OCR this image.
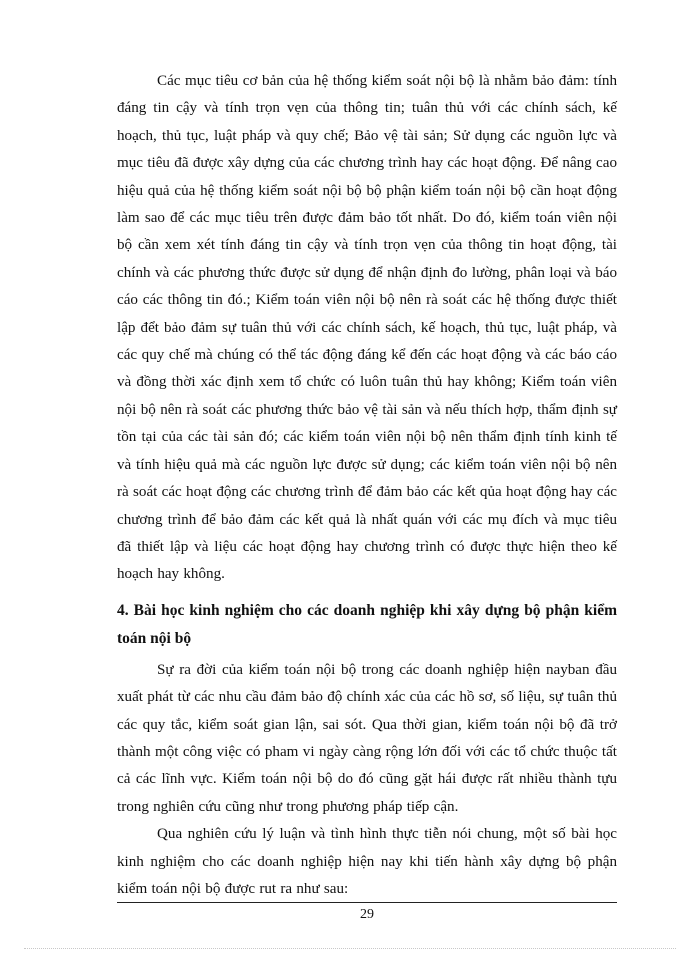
Các mục tiêu cơ bản của hệ thống kiểm soát nội bộ là nhằm bảo đảm: tính đáng tin cậy và tính trọn vẹn của thông tin; tuân thủ với các chính sách, kế hoạch, thủ tục, luật pháp và quy chế; Bảo vệ tài sản; Sử dụng các nguồn lực và mục tiêu đã được xây dựng của các chương trình hay các hoạt động. Để nâng cao hiệu quả của hệ thống kiểm soát nội bộ bộ phận kiểm toán nội bộ cần hoạt động làm sao để các mục tiêu trên được đảm bảo tốt nhất. Do đó, kiểm toán viên nội bộ cần xem xét tính đáng tin cậy và tính trọn vẹn của thông tin hoạt động, tài chính và các phương thức được sử dụng để nhận định đo lường, phân loại và báo cáo các thông tin đó.; Kiểm toán viên nội bộ nên rà soát các hệ thống được thiết lập đểt bảo đảm sự tuân thủ với các chính sách, kế hoạch, thủ tục, luật pháp, và các quy chế mà chúng có thể tác động đáng kể đến các hoạt động và các báo cáo và đồng thời xác định xem tổ chức có luôn tuân thủ hay không; Kiểm toán viên nội bộ nên rà soát các phương thức bảo vệ tài sản và nếu thích hợp, thẩm định sự tồn tại của các tài sản đó; các kiểm toán viên nội bộ nên thẩm định tính kinh tế và tính hiệu quả mà các nguồn lực được sử dụng; các kiểm toán viên nội bộ nên rà soát các hoạt động các chương trình để đảm bảo các kết qủa hoạt động hay các chương trình để bảo đảm các kết quả là nhất quán với các mụ đích và mục tiêu đã thiết lập và liệu các hoạt động hay chương trình có được thực hiện theo kế hoạch hay không.

4. Bài học kinh nghiệm cho các doanh nghiệp khi xây dựng bộ phận kiểm toán nội bộ

Sự ra đời của kiểm toán nội bộ trong các doanh nghiệp hiện nayban đầu xuất phát từ các nhu cầu đảm bảo độ chính xác của các hồ sơ, số liệu, sự tuân thủ các quy tắc, kiểm soát gian lận, sai sót. Qua thời gian, kiểm toán nội bộ đã trở thành một công việc có pham vi ngày càng rộng lớn đối với các tổ chức thuộc tất cả các lĩnh vực. Kiểm toán nội bộ do đó cũng gặt hái được rất nhiều thành tựu trong nghiên cứu cũng như trong phương pháp tiếp cận.

Qua nghiên cứu lý luận và tình hình thực tiễn nói chung, một số bài học kinh nghiệm cho các doanh nghiệp hiện nay khi tiến hành xây dựng bộ phận kiểm toán nội bộ được rut ra như sau:

29
